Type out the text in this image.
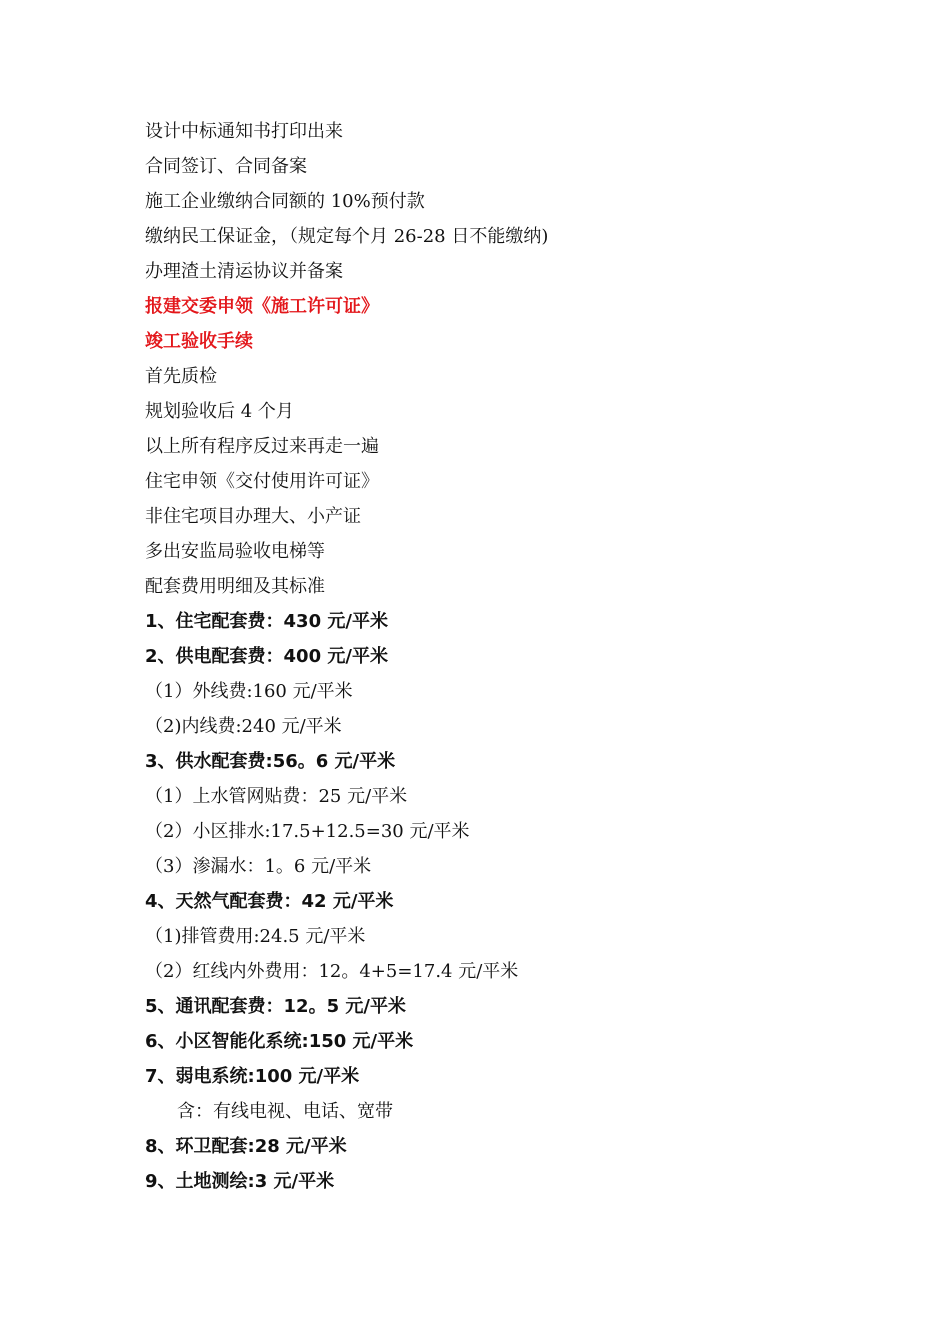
设计中标通知书打印出来
合同签订、合同备案
施工企业缴纳合同额的 10%预付款
缴纳民工保证金，（规定每个月 26-28 日不能缴纳)
办理渣土清运协议并备案
报建交委申领《施工许可证》
竣工验收手续
首先质检
规划验收后 4 个月
以上所有程序反过来再走一遍
住宅申领《交付使用许可证》
非住宅项目办理大、小产证
多出安监局验收电梯等
配套费用明细及其标准
1、住宅配套费：430 元/平米
2、供电配套费：400 元/平米
（1）外线费:160 元/平米
（2)内线费:240 元/平米
3、供水配套费:56。6 元/平米
（1）上水管网贴费：25 元/平米
（2）小区排水:17.5+12.5=30 元/平米
（3）渗漏水：1。6 元/平米
4、天然气配套费：42 元/平米
（1)排管费用:24.5 元/平米
（2）红线内外费用：12。4+5=17.4 元/平米
5、通讯配套费：12。5 元/平米
6、小区智能化系统:150 元/平米
7、弱电系统:100 元/平米
含：有线电视、电话、宽带
8、环卫配套:28 元/平米
9、土地测绘:3 元/平米
